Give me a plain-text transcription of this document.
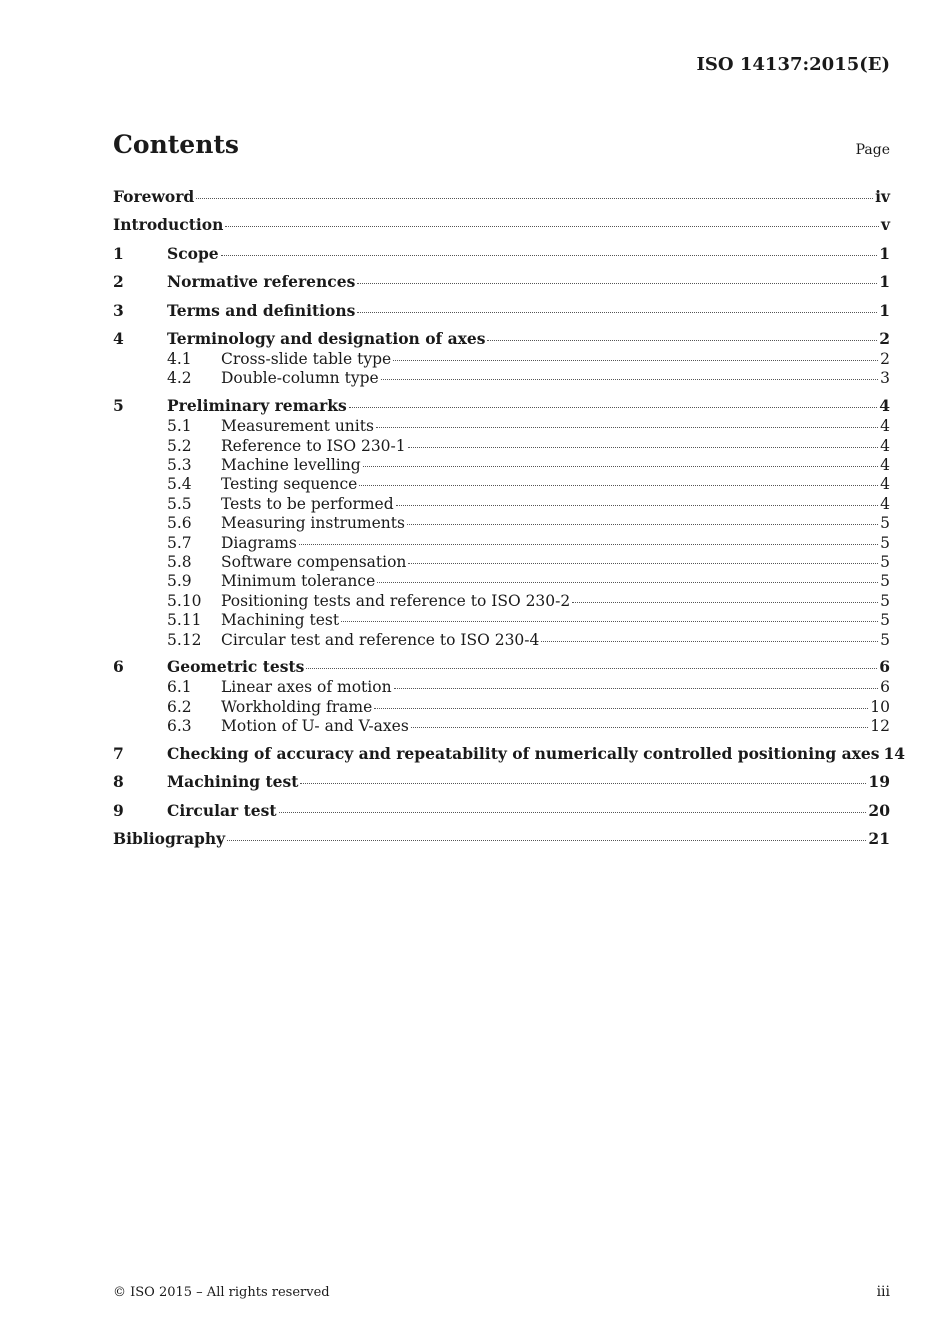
ISO 14137:2015(E)
Contents	Page
Foreword	iv
Introduction	v
1	Scope	1
2	Normative references	1
3	Terms and definitions	1
4	Terminology and designation of axes	2
4.1	Cross-slide table type	2
4.2	Double-column type	3
5	Preliminary remarks	4
5.1	Measurement units	4
5.2	Reference to ISO 230-1	4
5.3	Machine levelling	4
5.4	Testing sequence	4
5.5	Tests to be performed	4
5.6	Measuring instruments	5
5.7	Diagrams	5
5.8	Software compensation	5
5.9	Minimum tolerance	5
5.10	Positioning tests and reference to ISO 230-2	5
5.11	Machining test	5
5.12	Circular test and reference to ISO 230-4	5
6	Geometric tests	6
6.1	Linear axes of motion	6
6.2	Workholding frame	10
6.3	Motion of U- and V-axes	12
7	Checking of accuracy and repeatability of numerically controlled positioning axes 14
8	Machining test	19
9	Circular test	20
Bibliography	21
© ISO 2015 – All rights reserved	iii
